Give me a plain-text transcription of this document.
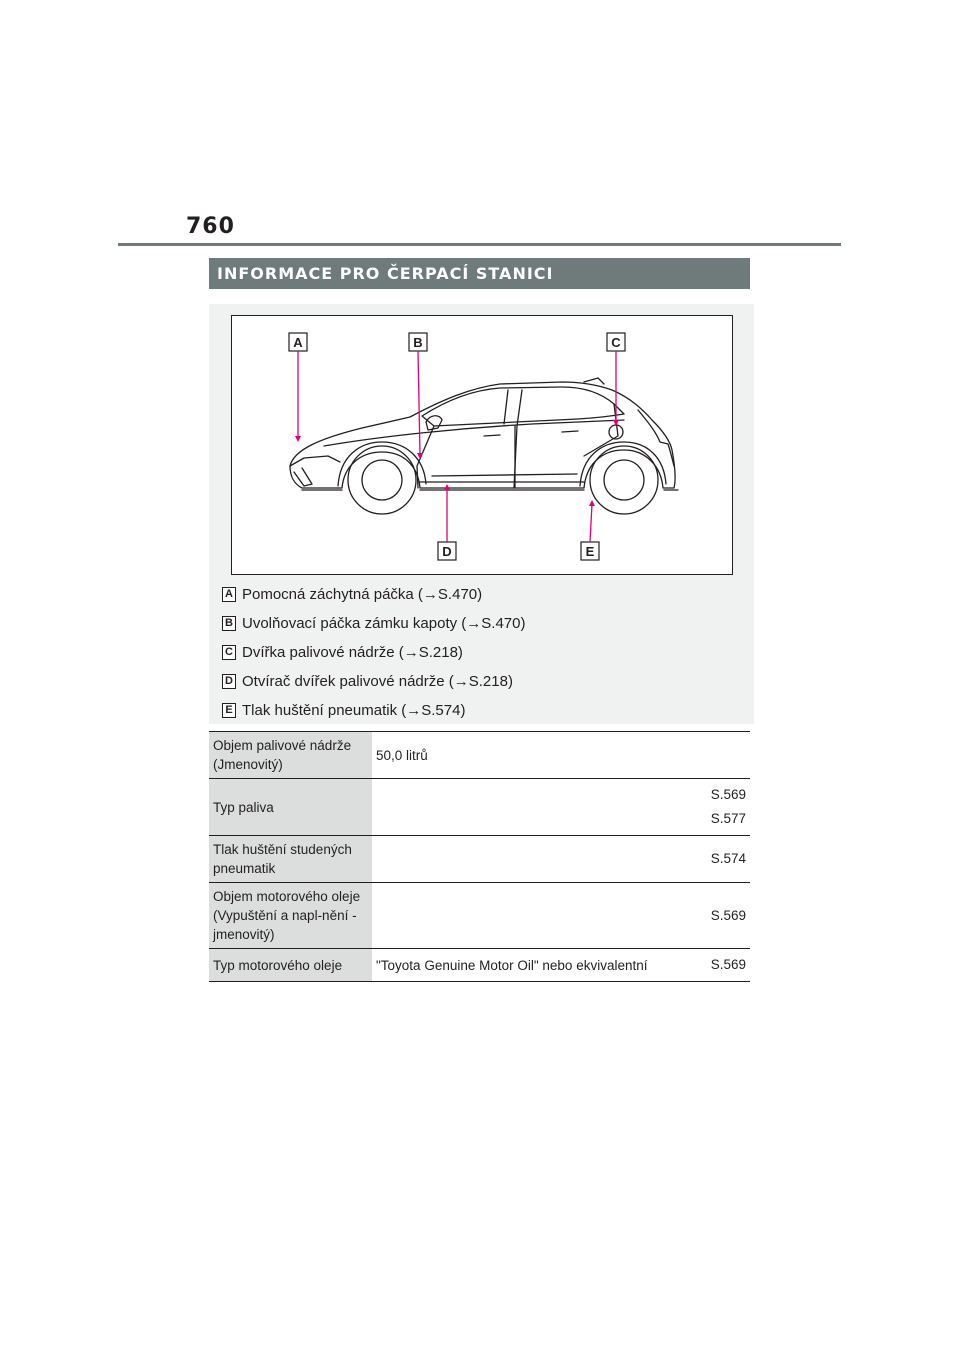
760
INFORMACE PRO ČERPACÍ STANICI
A	B	C
D	E
A Pomocná záchytná páčka (→S.470)
B Uvolňovací páčka zámku kapoty (→S.470)
C Dvířka palivové nádrže (→S.218)
D Otvírač dvířek palivové nádrže (→S.218)
E Tlak huštění pneumatik (→S.574)
Objem palivové nádrže (Jmenovitý)	50,0 litrů	
Typ paliva		S.569
S.577

Tlak huštění studených pneumatik		S.574
Objem motorového oleje (Vypuštění a napl-nění - jmenovitý)		S.569
Typ motorového oleje	"Toyota Genuine Motor Oil" nebo ekvivalentní	S.569
